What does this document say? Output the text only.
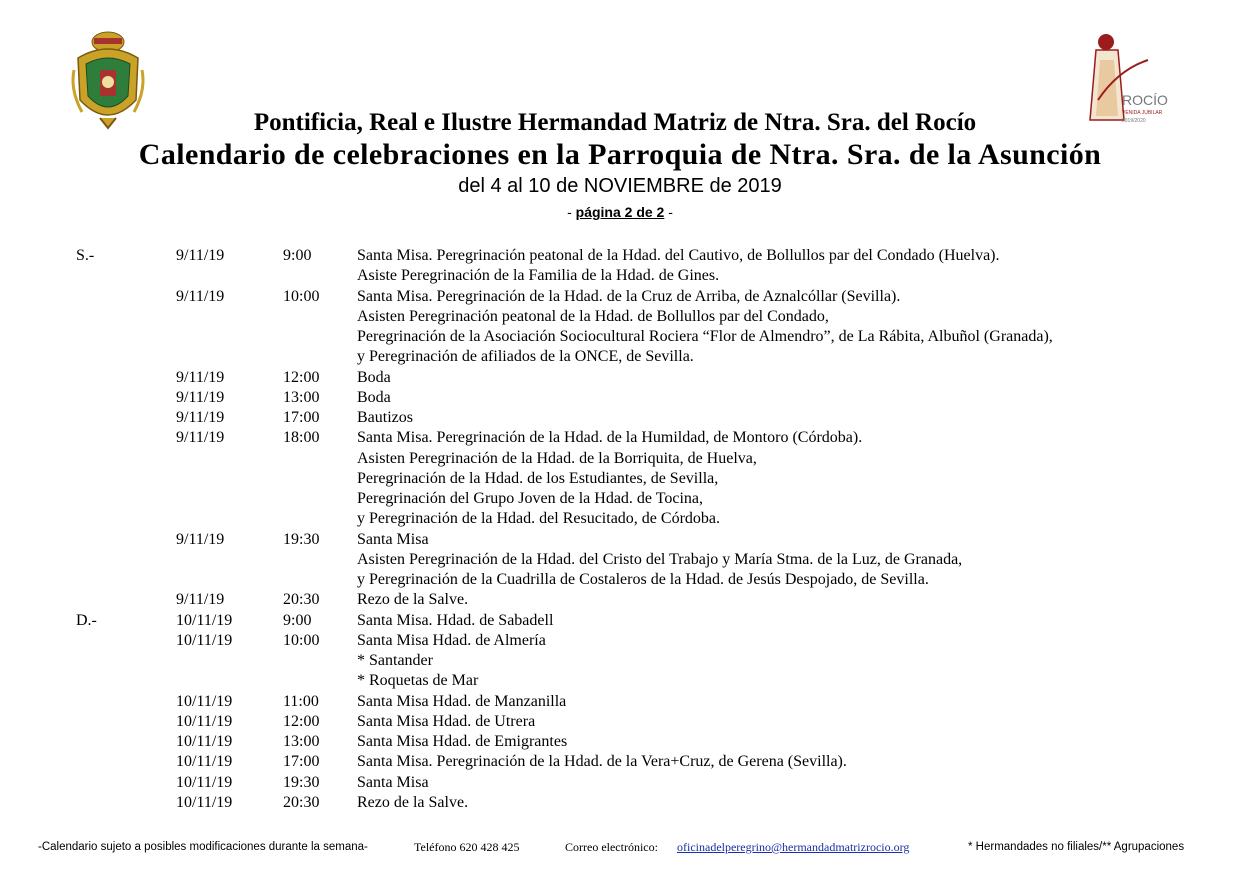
ROCÍO
VENIDA JUBILAR
2019/2020
Pontificia, Real e Ilustre Hermandad Matriz de Ntra. Sra. del Rocío
Calendario de celebraciones en la Parroquia de Ntra. Sra. de la Asunción
del 4 al 10 de NOVIEMBRE de 2019
- página 2 de 2 -
S.-	9/11/19	9:00	Santa Misa. Peregrinación peatonal de la Hdad. del Cautivo, de Bollullos par del Condado (Huelva).
Asiste Peregrinación de la Familia de la Hdad. de Gines.
9/11/19	10:00 Santa Misa. Peregrinación de la Hdad. de la Cruz de Arriba, de Aznalcóllar (Sevilla).
Asisten Peregrinación peatonal de la Hdad. de Bollullos par del Condado,
Peregrinación de la Asociación Sociocultural Rociera “Flor de Almendro”, de La Rábita, Albuñol (Granada),
y Peregrinación de afiliados de la ONCE, de Sevilla.
9/11/19	12:00 Boda
9/11/19	13:00 Boda
9/11/19	17:00 Bautizos
9/11/19	18:00 Santa Misa. Peregrinación de la Hdad. de la Humildad, de Montoro (Córdoba).
Asisten Peregrinación de la Hdad. de la Borriquita, de Huelva,
Peregrinación de la Hdad. de los Estudiantes, de Sevilla,
Peregrinación del Grupo Joven de la Hdad. de Tocina,
y Peregrinación de la Hdad. del Resucitado, de Córdoba.
9/11/19	19:30 Santa Misa
Asisten Peregrinación de la Hdad. del Cristo del Trabajo y María Stma. de la Luz, de Granada,
y Peregrinación de la Cuadrilla de Costaleros de la Hdad. de Jesús Despojado, de Sevilla.
9/11/19	20:30 Rezo de la Salve.
D.-	10/11/19	9:00	Santa Misa. Hdad. de Sabadell
10/11/19	10:00 Santa Misa Hdad. de Almería
* Santander
* Roquetas de Mar
10/11/19	11:00 Santa Misa Hdad. de Manzanilla
10/11/19	12:00 Santa Misa Hdad. de Utrera
10/11/19	13:00 Santa Misa Hdad. de Emigrantes
10/11/19	17:00 Santa Misa. Peregrinación de la Hdad. de la Vera+Cruz, de Gerena (Sevilla).
10/11/19	19:30 Santa Misa
10/11/19	20:30 Rezo de la Salve.
-Calendario sujeto a posibles modificaciones durante la semana-	Teléfono 620 428 425	Correo electrónico: oficinadelperegrino@hermandadmatrizrocio.org	* Hermandades no filiales/** Agrupaciones
